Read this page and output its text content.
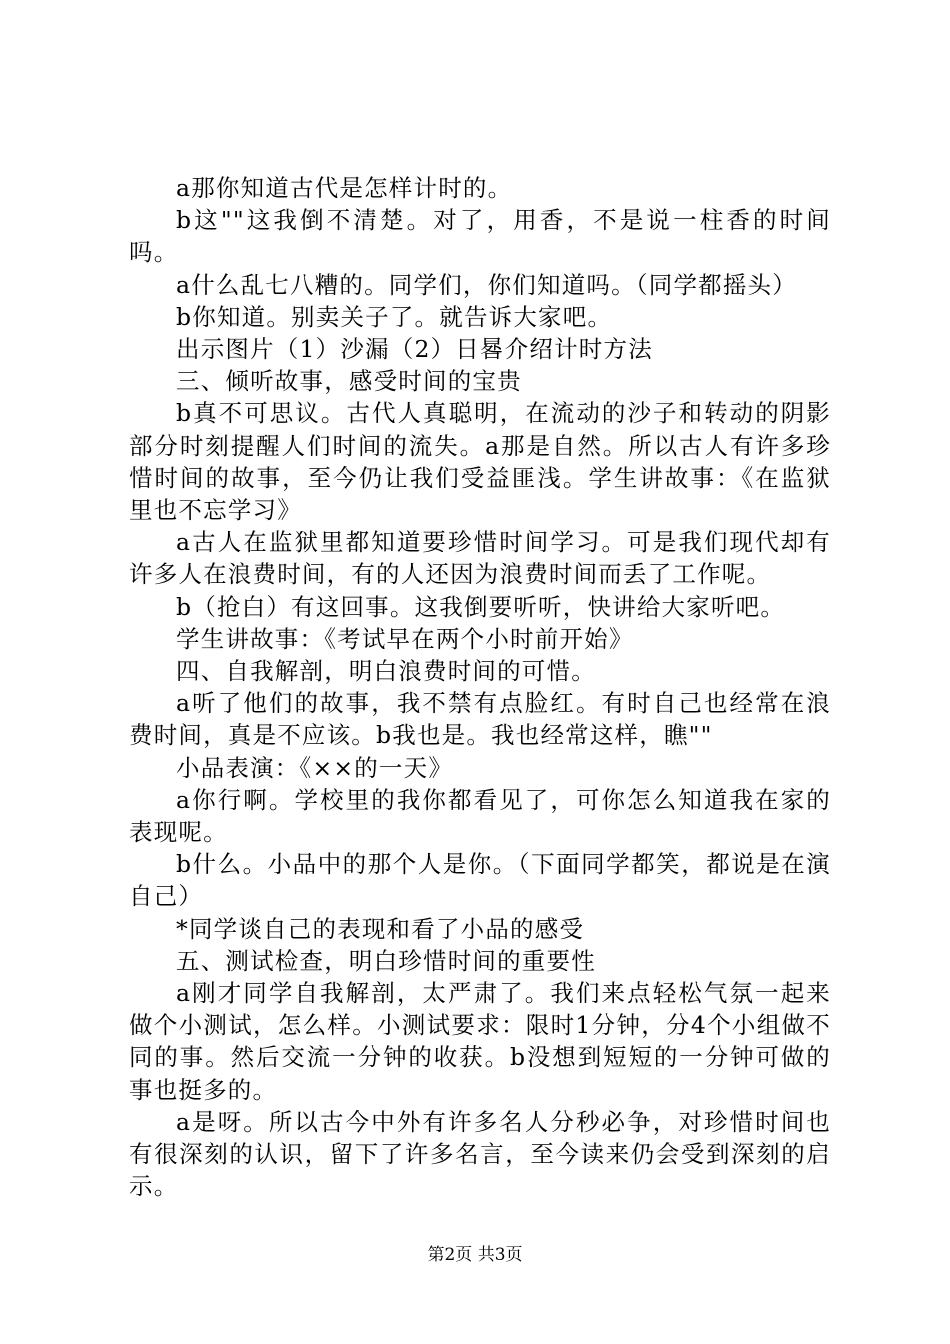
a那你知道古代是怎样计时的。

b这""这我倒不清楚。对了，用香，不是说一柱香的时间吗。

a什么乱七八糟的。同学们，你们知道吗。（同学都摇头）

b你知道。别卖关子了。就告诉大家吧。

出示图片（1）沙漏（2）日晷介绍计时方法

三、倾听故事，感受时间的宝贵

b真不可思议。古代人真聪明，在流动的沙子和转动的阴影部分时刻提醒人们时间的流失。a那是自然。所以古人有许多珍惜时间的故事，至今仍让我们受益匪浅。学生讲故事：《在监狱里也不忘学习》

a古人在监狱里都知道要珍惜时间学习。可是我们现代却有许多人在浪费时间，有的人还因为浪费时间而丢了工作呢。

b（抢白）有这回事。这我倒要听听，快讲给大家听吧。

学生讲故事：《考试早在两个小时前开始》

四、自我解剖，明白浪费时间的可惜。

a听了他们的故事，我不禁有点脸红。有时自己也经常在浪费时间，真是不应该。b我也是。我也经常这样，瞧""

小品表演：《××的一天》

a你行啊。学校里的我你都看见了，可你怎么知道我在家的表现呢。

b什么。小品中的那个人是你。（下面同学都笑，都说是在演自己）

*同学谈自己的表现和看了小品的感受

五、测试检查，明白珍惜时间的重要性

a刚才同学自我解剖，太严肃了。我们来点轻松气氛一起来做个小测试，怎么样。小测试要求：限时1分钟，分4个小组做不同的事。然后交流一分钟的收获。b没想到短短的一分钟可做的事也挺多的。

a是呀。所以古今中外有许多名人分秒必争，对珍惜时间也有很深刻的认识，留下了许多名言，至今读来仍会受到深刻的启示。

第2页 共3页
